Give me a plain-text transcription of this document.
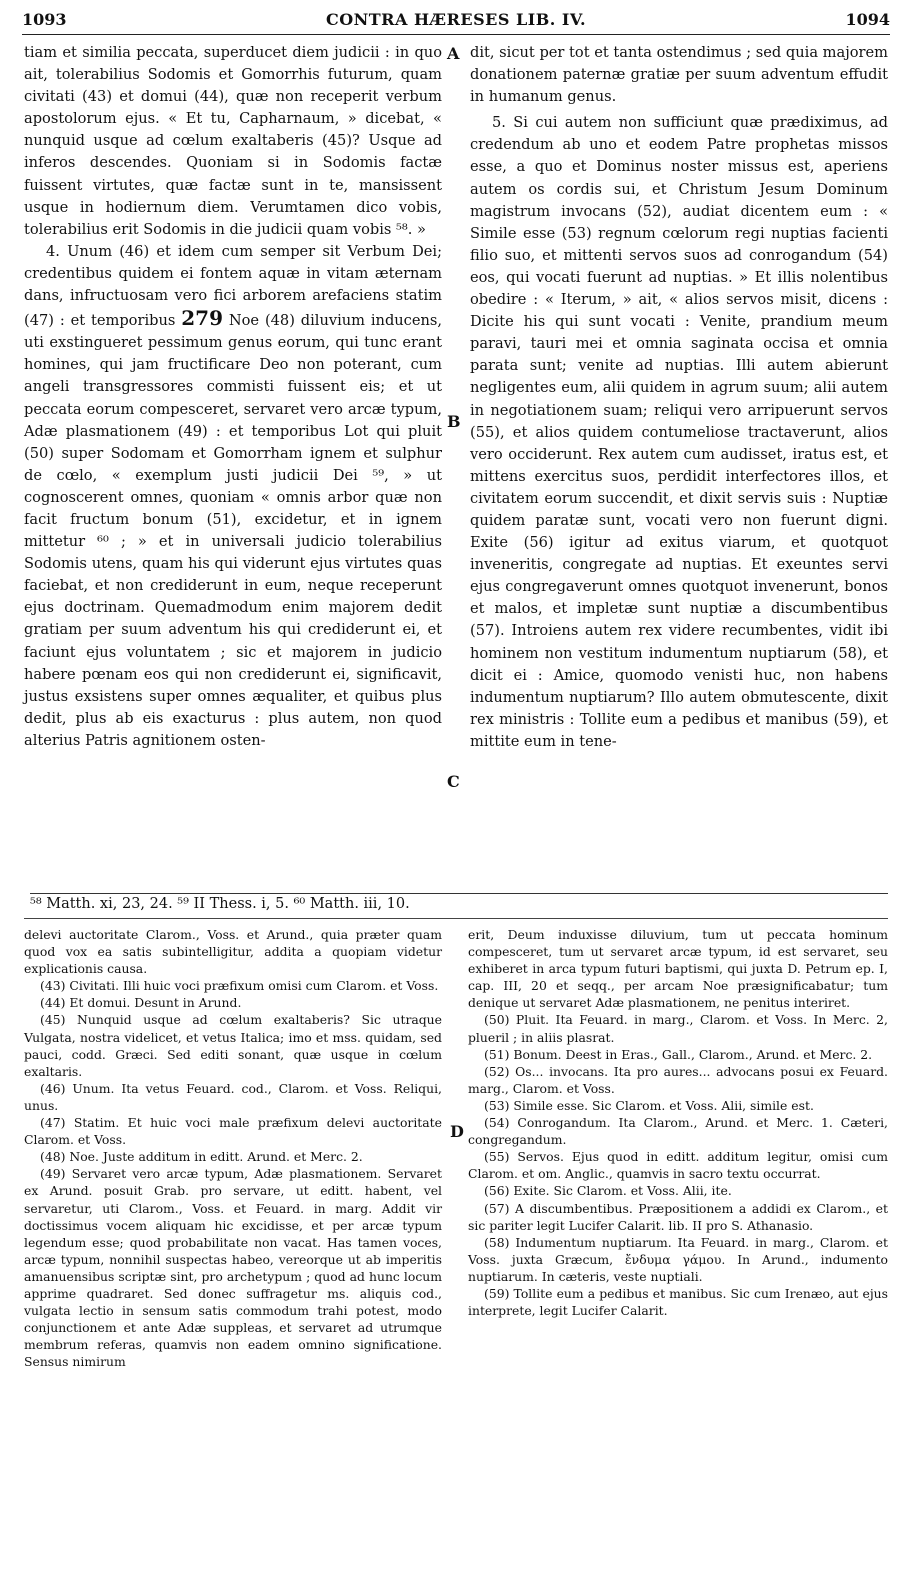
1093	CONTRA HÆRESES LIB. IV.	1094

tiam et similia peccata, superducet diem judicii : in quo ait, tolerabilius Sodomis et Gomorrhis futurum, quam civitati (43) et domui (44), quæ non receperit verbum apostolorum ejus. « Et tu, Capharnaum, » dicebat, « nunquid usque ad cœlum exaltaberis (45)? Usque ad inferos descendes. Quoniam si in Sodomis factæ fuissent virtutes, quæ factæ sunt in te, mansissent usque in hodiernum diem. Verumtamen dico vobis, tolerabilius erit Sodomis in die judicii quam vobis ⁵⁸. »

4. Unum (46) et idem cum semper sit Verbum Dei; credentibus quidem ei fontem aquæ in vitam æternam dans, infructuosam vero fici arborem arefaciens statim (47) : et temporibus 279 Noe (48) diluvium inducens, uti exstingueret pessimum genus eorum, qui tunc erant homines, qui jam fructificare Deo non poterant, cum angeli transgressores commisti fuissent eis; et ut peccata eorum compesceret, servaret vero arcæ typum, Adæ plasmationem (49) : et temporibus Lot qui pluit (50) super Sodomam et Gomorrham ignem et sulphur de cœlo, « exemplum justi judicii Dei ⁵⁹, » ut cognoscerent omnes, quoniam « omnis arbor quæ non facit fructum bonum (51), excidetur, et in ignem mittetur ⁶⁰ ; » et in universali judicio tolerabilius Sodomis utens, quam his qui viderunt ejus virtutes quas faciebat, et non crediderunt in eum, neque receperunt ejus doctrinam. Quemadmodum enim majorem dedit gratiam per suum adventum his qui crediderunt ei, et faciunt ejus voluntatem ; sic et majorem in judicio habere pœnam eos qui non crediderunt ei, significavit, justus exsistens super omnes æqualiter, et quibus plus dedit, plus ab eis exacturus : plus autem, non quod alterius Patris agnitionem osten-

A
B
C
D

dit, sicut per tot et tanta ostendimus ; sed quia majorem donationem paternæ gratiæ per suum adventum effudit in humanum genus.

5. Si cui autem non sufficiunt quæ prædiximus, ad credendum ab uno et eodem Patre prophetas missos esse, a quo et Dominus noster missus est, aperiens autem os cordis sui, et Christum Jesum Dominum magistrum invocans (52), audiat dicentem eum : « Simile esse (53) regnum cœlorum regi nuptias facienti filio suo, et mittenti servos suos ad conrogandum (54) eos, qui vocati fuerunt ad nuptias. » Et illis nolentibus obedire : « Iterum, » ait, « alios servos misit, dicens : Dicite his qui sunt vocati : Venite, prandium meum paravi, tauri mei et omnia saginata occisa et omnia parata sunt; venite ad nuptias. Illi autem abierunt negligentes eum, alii quidem in agrum suum; alii autem in negotiationem suam; reliqui vero arripuerunt servos (55), et alios quidem contumeliose tractaverunt, alios vero occiderunt. Rex autem cum audisset, iratus est, et mittens exercitus suos, perdidit interfectores illos, et civitatem eorum succendit, et dixit servis suis : Nuptiæ quidem paratæ sunt, vocati vero non fuerunt digni. Exite (56) igitur ad exitus viarum, et quotquot inveneritis, congregate ad nuptias. Et exeuntes servi ejus congregaverunt omnes quotquot invenerunt, bonos et malos, et impletæ sunt nuptiæ a discumbentibus (57). Introiens autem rex videre recumbentes, vidit ibi hominem non vestitum indumentum nuptiarum (58), et dicit ei : Amice, quomodo venisti huc, non habens indumentum nuptiarum? Illo autem obmutescente, dixit rex ministris : Tollite eum a pedibus et manibus (59), et mittite eum in tene-

⁵⁸ Matth. xi, 23, 24. ⁵⁹ II Thess. i, 5. ⁶⁰ Matth. iii, 10.

delevi auctoritate Clarom., Voss. et Arund., quia præter quam quod vox ea satis subintelligitur, addita a quopiam videtur explicationis causa.

(43) Civitati. Illi huic voci præfixum omisi cum Clarom. et Voss.

(44) Et domui. Desunt in Arund.

(45) Nunquid usque ad cœlum exaltaberis? Sic utraque Vulgata, nostra videlicet, et vetus Italica; imo et mss. quidam, sed pauci, codd. Græci. Sed editi sonant, quæ usque in cœlum exaltaris.

(46) Unum. Ita vetus Feuard. cod., Clarom. et Voss. Reliqui, unus.

(47) Statim. Et huic voci male præfixum delevi auctoritate Clarom. et Voss.

(48) Noe. Juste additum in editt. Arund. et Merc. 2.

(49) Servaret vero arcæ typum, Adæ plasmationem. Servaret ex Arund. posuit Grab. pro servare, ut editt. habent, vel servaretur, uti Clarom., Voss. et Feuard. in marg. Addit vir doctissimus vocem aliquam hic excidisse, et per arcæ typum legendum esse; quod probabilitate non vacat. Has tamen voces, arcæ typum, nonnihil suspectas habeo, vereorque ut ab imperitis amanuensibus scriptæ sint, pro archetypum ; quod ad hunc locum apprime quadraret. Sed donec suffragetur ms. aliquis cod., vulgata lectio in sensum satis commodum trahi potest, modo conjunctionem et ante Adæ suppleas, et servaret ad utrumque membrum referas, quamvis non eadem omnino significatione. Sensus nimirum

erit, Deum induxisse diluvium, tum ut peccata hominum compesceret, tum ut servaret arcæ typum, id est servaret, seu exhiberet in arca typum futuri baptismi, qui juxta D. Petrum ep. I, cap. III, 20 et seqq., per arcam Noe præsignificabatur; tum denique ut servaret Adæ plasmationem, ne penitus interiret.

(50) Pluit. Ita Feuard. in marg., Clarom. et Voss. In Merc. 2, plueril ; in aliis plasrat.

(51) Bonum. Deest in Eras., Gall., Clarom., Arund. et Merc. 2.

(52) Os... invocans. Ita pro aures... advocans posui ex Feuard. marg., Clarom. et Voss.

(53) Simile esse. Sic Clarom. et Voss. Alii, simile est.

(54) Conrogandum. Ita Clarom., Arund. et Merc. 1. Cæteri, congregandum.

(55) Servos. Ejus quod in editt. additum legitur, omisi cum Clarom. et om. Anglic., quamvis in sacro textu occurrat.

(56) Exite. Sic Clarom. et Voss. Alii, ite.

(57) A discumbentibus. Præpositionem a addidi ex Clarom., et sic pariter legit Lucifer Calarit. lib. II pro S. Athanasio.

(58) Indumentum nuptiarum. Ita Feuard. in marg., Clarom. et Voss. juxta Græcum, ἔνδυμα γάμου. In Arund., indumento nuptiarum. In cæteris, veste nuptiali.

(59) Tollite eum a pedibus et manibus. Sic cum Irenæo, aut ejus interprete, legit Lucifer Calarit.
